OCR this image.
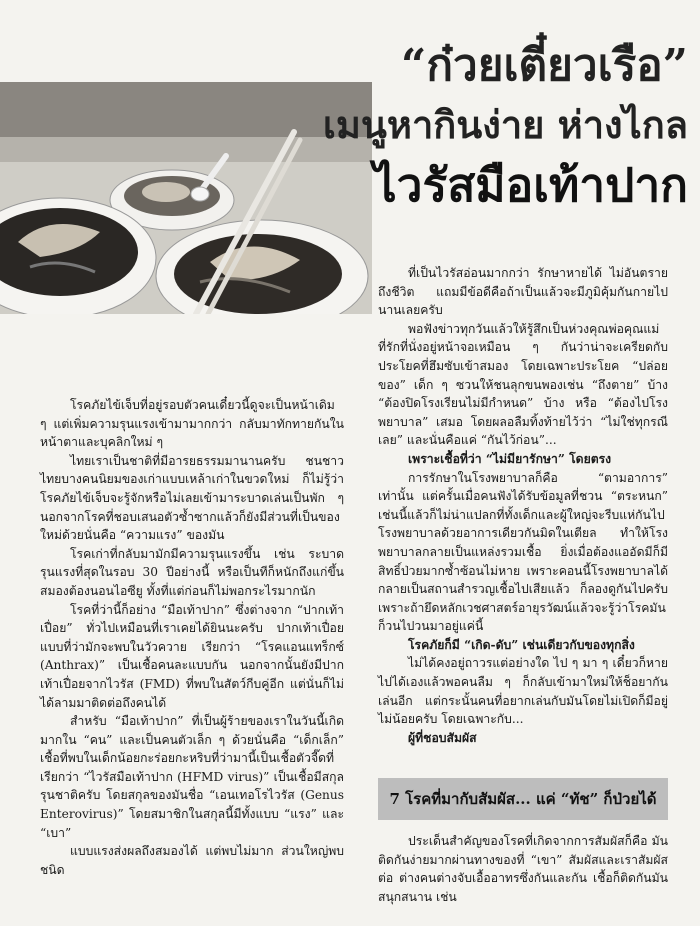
“ก๋วยเตี๋ยวเรือ”
เมนูหากินง่าย ห่างไกล
ไวรัสมือเท้าปาก

โรคภัยไข้เจ็บที่อยู่รอบตัวคนเดี๋ยวนี้ดูจะเป็นหน้าเดิม ๆ แต่เพิ่มความรุนแรงเข้ามามากกว่า กลับมาทักทายกันในหน้าตาและบุคลิกใหม่ ๆ

ไทยเราเป็นชาติที่มีอารยธรรมมานานครับ ชนชาวไทยบางคนนิยมของเก่าแบบเหล้าเก่าในขวดใหม่ ก็ไม่รู้ว่าโรคภัยไข้เจ็บจะรู้จักหรือไม่เลยเข้ามาระบาดเล่นเป็นพัก ๆ นอกจากโรคที่ชอบเสนอตัวซ้ำซากแล้วก็ยังมีส่วนที่เป็นของใหม่ด้วยนั่นคือ “ความแรง” ของมัน

โรคเก่าที่กลับมามักมีความรุนแรงขึ้น เช่น ระบาดรุนแรงที่สุดในรอบ 30 ปีอย่างนี้ หรือเป็นทีก็หนักถึงแก่ขึ้นสมองต้องนอนไอซียู ทั้งที่แต่ก่อนก็ไม่พอกระไรมากนัก

โรคที่ว่านี้ก็อย่าง “มือเท้าปาก” ซึ่งต่างจาก “ปากเท้าเปื่อย” ทั่วไปเหมือนที่เราเคยได้ยินนะครับ ปากเท้าเปื่อยแบบที่ว่ามักจะพบในวัวควาย เรียกว่า “โรคแอนแทร็กซ์ (Anthrax)” เป็นเชื้อคนละแบบกัน นอกจากนั้นยังมีปากเท้าเปื่อยจากไวรัส (FMD) ที่พบในสัตว์กีบคู่อีก แต่นั่นก็ไม่ได้ลามมาติดต่อถึงคนได้

สำหรับ “มือเท้าปาก” ที่เป็นผู้ร้ายของเราในวันนี้เกิดมากใน “คน” และเป็นคนตัวเล็ก ๆ ด้วยนั่นคือ “เด็กเล็ก” เชื้อที่พบในเด็กน้อยกะร่อยกะหริบที่ว่ามานี้เป็นเชื้อตัวจี๊ดที่เรียกว่า “ไวรัสมือเท้าปาก (HFMD virus)” เป็นเชื้อมีสกุลรุนชาติครับ โดยสกุลของมันชื่อ “เอนเทอโรไวรัส (Genus Enterovirus)” โดยสมาชิกในสกุลนี้มีทั้งแบบ “แรง” และ “เบา”

แบบแรงส่งผลถึงสมองได้ แต่พบไม่มาก ส่วนใหญ่พบชนิด

ที่เป็นไวรัสอ่อนมากกว่า รักษาหายได้ ไม่อันตรายถึงชีวิต แถมมีข้อดีคือถ้าเป็นแล้วจะมีภูมิคุ้มกันกายไปนานเลยครับ

พอฟังข่าวทุกวันแล้วให้รู้สึกเป็นห่วงคุณพ่อคุณแม่ที่รักที่นั่งอยู่หน้าจอเหมือน ๆ กันว่าน่าจะเครียดกับประโยคที่ฮึมซับเข้าสมอง โดยเฉพาะประโยค “ปล่อยของ” เด็ก ๆ ซวนให้ชนลุกขนพองเช่น “ถึงตาย” บ้าง “ต้องปิดโรงเรียนไม่มีกำหนด” บ้าง หรือ “ต้องไปโรงพยาบาล” เสมอ โดยผลอลืมทิ้งท้ายไว้ว่า “ไม่ใช่ทุกรณีเลย” และนั่นคือแค่ “กันไว้ก่อน”...

เพราะเชื้อที่ว่า “ไม่มียารักษา” โดยตรง

การรักษาในโรงพยาบาลก็คือ “ตามอาการ” เท่านั้น แต่ครั้นเมื่อคนฟังได้รับข้อมูลที่ชวน “ตระหนก” เช่นนี้แล้วก็ไม่น่าแปลกที่ทั้งเด็กและผู้ใหญ่จะรีบแห่กันไปโรงพยาบาลด้วยอาการเดียวกันมิดในเตียล ทำให้โรงพยาบาลกลายเป็นแหล่งรวมเชื้อ ยิ่งเมื่อต้องแออัดมีก็มีสิทธิ์ป่วยมากซ้ำซ้อนไม่หาย เพราะคอนนี้โรงพยาบาลได้กลายเป็นสถานสำรวญเชื้อไปเสียแล้ว ก็ลองดูกันไปครับ เพราะถ้ายึดหลักเวชศาสตร์อายุรวัฒน์แล้วจะรู้ว่าโรคมันก็วนไปวนมาอยู่แค่นี้

โรคภัยก็มี “เกิด-ดับ” เช่นเดียวกับของทุกสิ่ง

ไม่ได้คงอยู่ถาวรแต่อย่างใด ไป ๆ มา ๆ เดี๋ยวก็หายไปได้เองแล้วพอคนลืม ๆ ก็กลับเข้ามาใหม่ให้ช็อยากันเล่นอีก แต่กระนั้นคนที่อยากเล่นกับมันโดยไม่เปิดก็มีอยู่ไม่น้อยครับ โดยเฉพาะกับ...

ผู้ที่ชอบสัมผัส

7 โรคที่มากับสัมผัส... แค่ “ทัช” ก็ป่วยได้

ประเด็นสำคัญของโรคที่เกิดจากการสัมผัสก็คือ มันติดกันง่ายมากผ่านทางของที่ “เขา” สัมผัสและเราสัมผัสต่อ ต่างคนต่างจับเอื้ออาทรซึ่งกันและกัน เชื้อก็ติดกันมันสนุกสนาน เช่น
